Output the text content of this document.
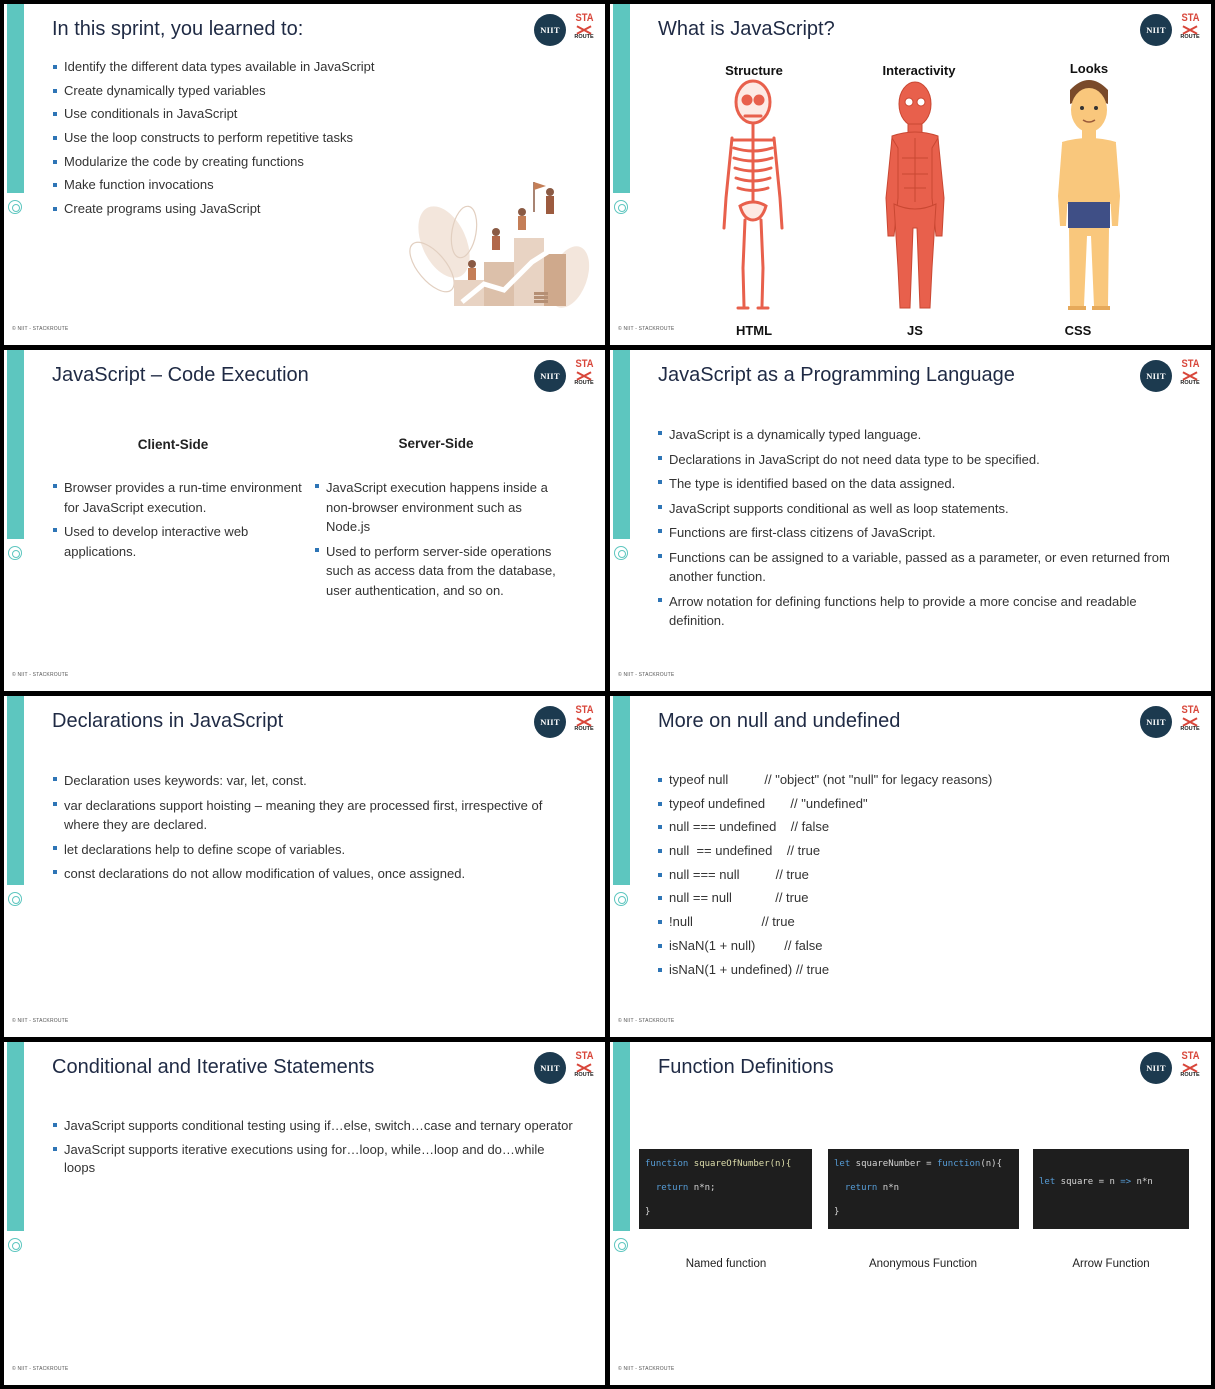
In this sprint, you learned to:	NIIT
STA
ROUTE
Identify the different data types available in JavaScript
Create dynamically typed variables
Use conditionals in JavaScript
Use the loop constructs to perform repetitive tasks
Modularize the code by creating functions
Make function invocations
Create programs using JavaScript
© NIIT - STACKROUTE
What is JavaScript?	NIIT
STA
ROUTE
Structure	Interactivity	Looks
HTML	JS	CSS
© NIIT - STACKROUTE
JavaScript – Code Execution	NIIT
STA
ROUTE
Client-Side	Server-Side
Browser provides a run-time environment for JavaScript execution.
Used to develop interactive web applications.
JavaScript execution happens inside a non-browser environment such as Node.js
Used to perform server-side operations such as access data from the database, user authentication, and so on.
© NIIT - STACKROUTE
JavaScript as a Programming Language	NIIT
STA
ROUTE
JavaScript is a dynamically typed language.
Declarations in JavaScript do not need data type to be specified.
The type is identified based on the data assigned.
JavaScript supports conditional as well as loop statements.
Functions are first-class citizens of JavaScript.
Functions can be assigned to a variable, passed as a parameter, or even returned from another function.
Arrow notation for defining functions help to provide a more concise and readable definition.
© NIIT - STACKROUTE
Declarations in JavaScript	NIIT
STA
ROUTE
Declaration uses keywords: var, let, const.
var declarations support hoisting – meaning they are processed first, irrespective of where they are declared.
let declarations help to define scope of variables.
const declarations do not allow modification of values, once assigned.
© NIIT - STACKROUTE
More on null and undefined	NIIT
STA
ROUTE
typeof null          // "object" (not "null" for legacy reasons)
typeof undefined       // "undefined"
null === undefined    // false
null  == undefined    // true
null === null          // true
null == null            // true
!null                   // true
isNaN(1 + null)        // false
isNaN(1 + undefined) // true
© NIIT - STACKROUTE
Conditional and Iterative Statements	NIIT
STA
ROUTE
JavaScript supports conditional testing using if…else, switch…case and ternary operator
JavaScript supports iterative executions using for…loop, while…loop and do…while loops
© NIIT - STACKROUTE
Function Definitions	NIIT
STA
ROUTE
function squareOfNumber(n){

return n*n;

}
let squareNumber = function(n){

return n*n

}
let square = n => n*n
Named function	Anonymous Function	Arrow Function
© NIIT - STACKROUTE
